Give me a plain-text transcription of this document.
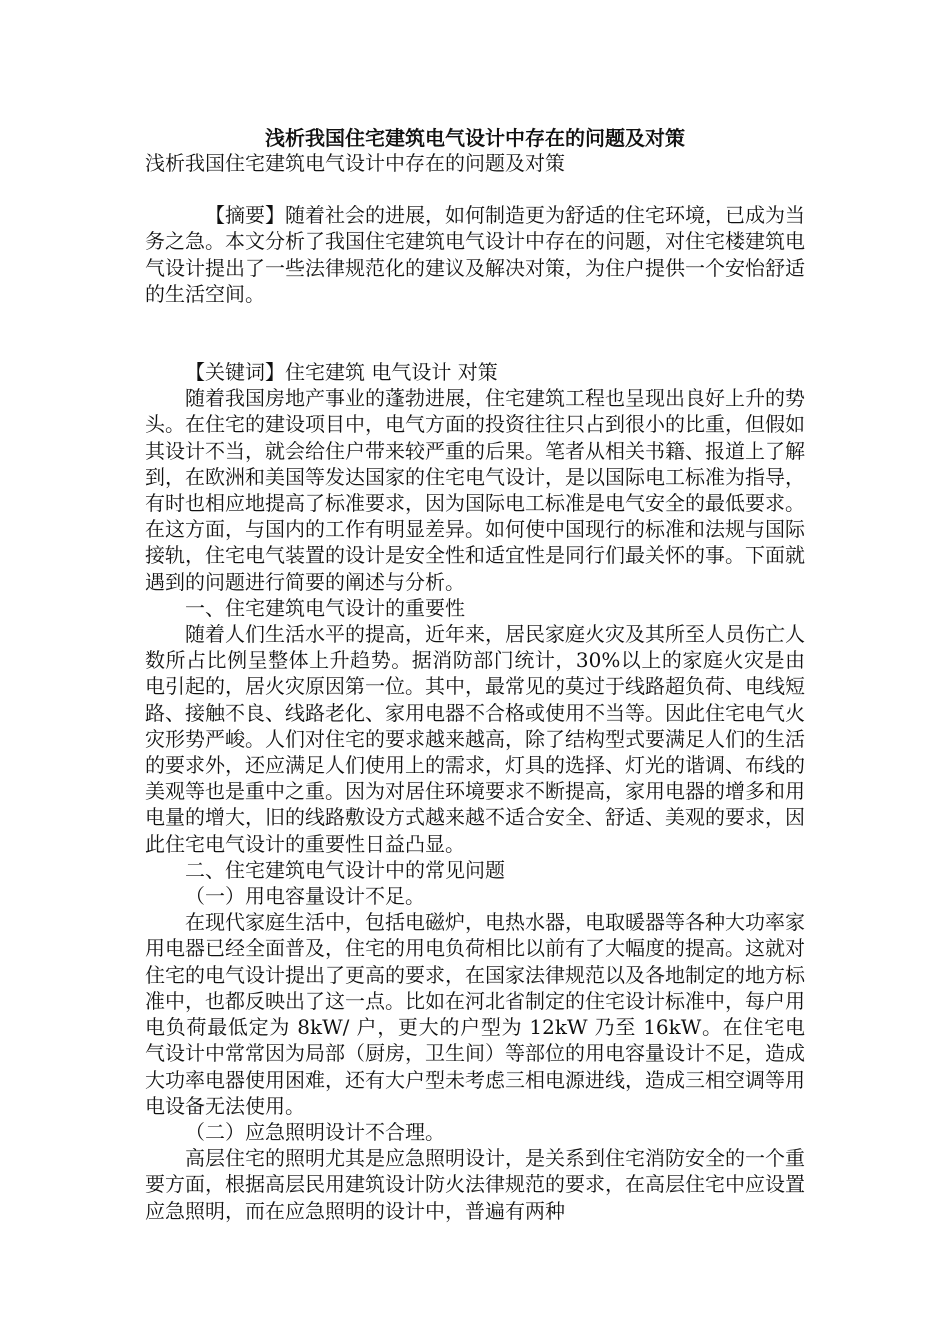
浅析我国住宅建筑电气设计中存在的问题及对策

浅析我国住宅建筑电气设计中存在的问题及对策

【摘要】随着社会的进展，如何制造更为舒适的住宅环境，已成为当务之急。本文分析了我国住宅建筑电气设计中存在的问题，对住宅楼建筑电气设计提出了一些法律规范化的建议及解决对策，为住户提供一个安怡舒适的生活空间。

【关键词】住宅建筑 电气设计 对策

随着我国房地产事业的蓬勃进展，住宅建筑工程也呈现出良好上升的势头。在住宅的建设项目中，电气方面的投资往往只占到很小的比重，但假如其设计不当，就会给住户带来较严重的后果。笔者从相关书籍、报道上了解到，在欧洲和美国等发达国家的住宅电气设计，是以国际电工标准为指导，有时也相应地提高了标准要求，因为国际电工标准是电气安全的最低要求。在这方面，与国内的工作有明显差异。如何使中国现行的标准和法规与国际接轨，住宅电气装置的设计是安全性和适宜性是同行们最关怀的事。下面就遇到的问题进行简要的阐述与分析。

一、住宅建筑电气设计的重要性

随着人们生活水平的提高，近年来，居民家庭火灾及其所至人员伤亡人数所占比例呈整体上升趋势。据消防部门统计，30%以上的家庭火灾是由电引起的，居火灾原因第一位。其中，最常见的莫过于线路超负荷、电线短路、接触不良、线路老化、家用电器不合格或使用不当等。因此住宅电气火灾形势严峻。人们对住宅的要求越来越高，除了结构型式要满足人们的生活的要求外，还应满足人们使用上的需求，灯具的选择、灯光的谐调、布线的美观等也是重中之重。因为对居住环境要求不断提高，家用电器的增多和用电量的增大，旧的线路敷设方式越来越不适合安全、舒适、美观的要求，因此住宅电气设计的重要性日益凸显。

二、住宅建筑电气设计中的常见问题

（一）用电容量设计不足。

在现代家庭生活中，包括电磁炉，电热水器，电取暖器等各种大功率家用电器已经全面普及，住宅的用电负荷相比以前有了大幅度的提高。这就对住宅的电气设计提出了更高的要求，在国家法律规范以及各地制定的地方标准中，也都反映出了这一点。比如在河北省制定的住宅设计标准中，每户用电负荷最低定为 8kW/ 户，更大的户型为 12kW 乃至 16kW。在住宅电气设计中常常因为局部（厨房，卫生间）等部位的用电容量设计不足，造成大功率电器使用困难，还有大户型未考虑三相电源进线，造成三相空调等用电设备无法使用。

（二）应急照明设计不合理。

高层住宅的照明尤其是应急照明设计，是关系到住宅消防安全的一个重要方面，根据高层民用建筑设计防火法律规范的要求，在高层住宅中应设置应急照明，而在应急照明的设计中，普遍有两种
